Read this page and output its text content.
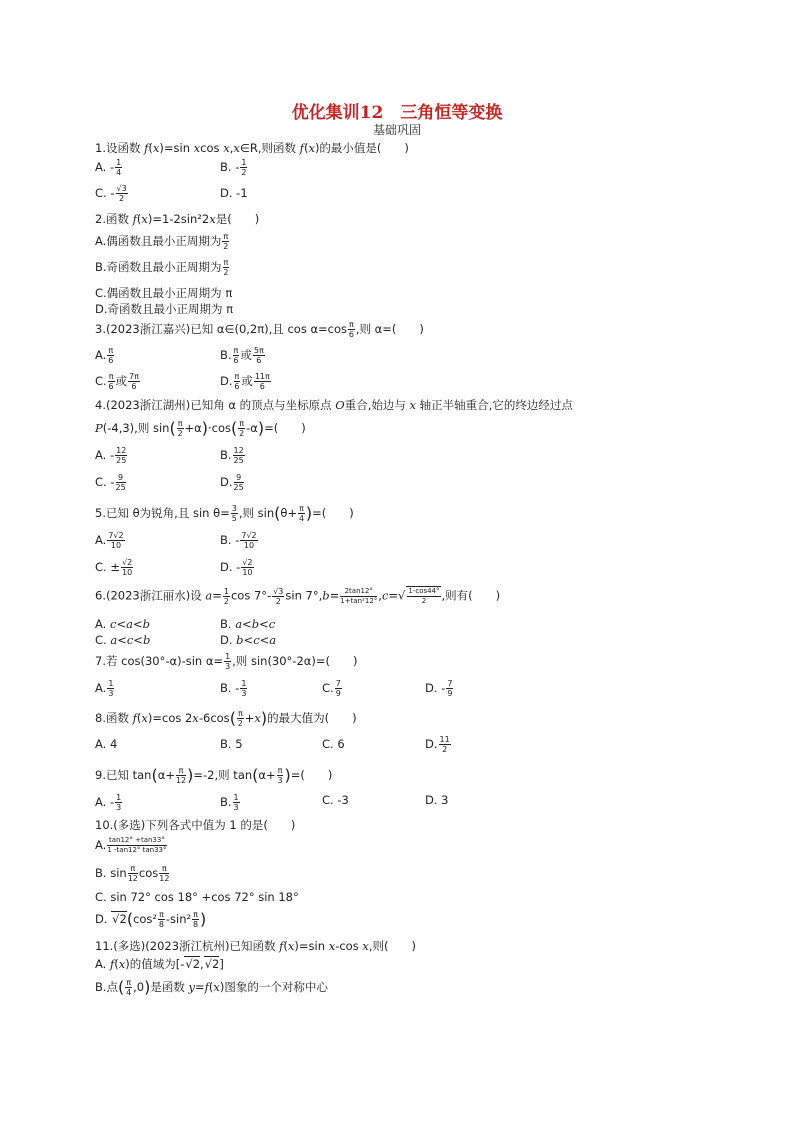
优化集训12　三角恒等变换
基础巩固
1.设函数 f(x)=sin xcos x,x∈R,则函数 f(x)的最小值是(　　)
A. - $\frac{1}{4}$	B. - $\frac{1}{2}$
C. - $\frac{√3}{2}$	D. -1
2.函数 f(x)=1-2sin²2x是(　　)
A.偶函数且最小正周期为 $\frac{\pi}{2}$
B.奇函数且最小正周期为 $\frac{\pi}{2}$
C.偶函数且最小正周期为 π
D.奇函数且最小正周期为 π
3.(2023浙江嘉兴)已知 α∈(0,2π),且 $\cos \alpha=\cos \frac{\pi}{6}$ ,则 α=(　　)
A. $\frac{\pi}{6}$	B. $\frac{\pi}{6}$ 或 $\frac{5\pi}{6}$
C. $\frac{\pi}{6}$ 或 $\frac{7\pi}{6}$	D. $\frac{\pi}{6}$ 或 $\frac{11\pi}{6}$
4.(2023浙江湖州)已知角 α 的顶点与坐标原点 O重合,始边与 x 轴正半轴重合,它的终边经过点
P(-4,3),则 $\sin( \frac{\pi}{2} +\alpha)\cdot\cos( \frac{\pi}{2} -\alpha)=$(　　)
A. - $\frac{12}{25}$	B. $\frac{12}{25}$
C. - $\frac{9}{25}$	D. $\frac{9}{25}$
5.已知 θ为锐角,且 $\sin \theta= \frac{3}{5}$ ,则 $\sin(\theta+ \frac{\pi}{4}$ )=(　　)
A. $\frac{7√2}{10}$	B. - $\frac{7√2}{10}$
C. ± $\frac{√2}{10}$	D. - $\frac{√2}{10}$
6.(2023浙江丽水)设 $a= \frac{1}{2}$ $\cos 7^\circ- \frac{√3}{2}$ $\sin 7^\circ,b= \frac{2\tan 12^\circ}{\text{1+tan²12°}} ,c=√ \frac{1-\cos 44^\circ}{2}$ ,则有(　　)
A. c<a<b	B. a<b<c
C. a<c<b	D. b<c<a
7.若 cos(30°-α)-sin $\alpha= \frac{1}{3}$ ,则 sin(30°-2α)=(　　)
A. $\frac{1}{3}$	B. - $\frac{1}{3}$	C. $\frac{7}{9}$	D. - $\frac{7}{9}$
8.函数 f(x)=cos $2x-6\cos( \frac{\pi}{2} +x)$的最大值为(　　)
A. 4	B. 5	C. 6	D. $\frac{11}{2}$
9.已知 $\tan(\alpha+ \frac{\pi}{12} )=-2$,则 $\tan(\alpha+ \frac{\pi}{3}$ )=(　　)
A. - $\frac{1}{3}$	B. $\frac{1}{3}$	C. -3	D. 3
10.(多选)下列各式中值为 1 的是(　　)
A. $\frac{\tan 12^\circ +\tan 33^\circ}{1 -\tan 12^\circ \tan 33^\circ}$
B. $\sin \frac{\pi}{12}$ $\cos \frac{\pi}{12}$
C. sin 72° cos 18° +cos 72° sin 18°
D. $√2(\cos^2 \frac{\pi}{8} -\sin^2 \frac{\pi}{8}$ )
11.(多选)(2023浙江杭州)已知函数 f(x)=sin x-cos x,则(　　)
A. f(x)的值域为[-√2,√2]
B.点( $\frac{\pi}{4} ,0$)是函数 y=f(x)图象的一个对称中心
